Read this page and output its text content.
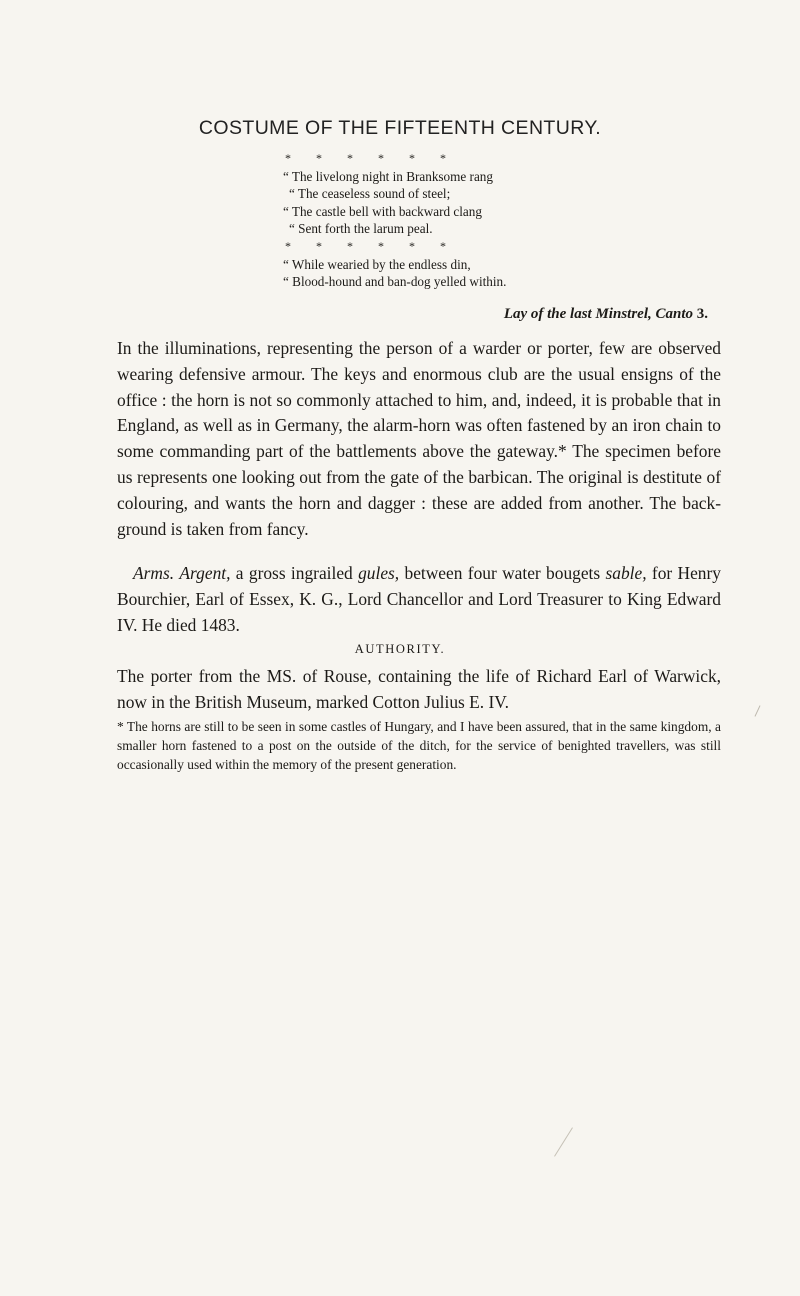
COSTUME OF THE FIFTEENTH CENTURY.
* * * * * *
“ The livelong night in Branksome rang
“ The ceaseless sound of steel;
“ The castle bell with backward clang
“ Sent forth the larum peal.
* * * * * *
“ While wearied by the endless din,
“ Blood-hound and ban-dog yelled within.
Lay of the last Minstrel, Canto 3.
In the illuminations, representing the person of a warder or porter, few are observed wearing defensive armour. The keys and enormous club are the usual ensigns of the office : the horn is not so commonly attached to him, and, indeed, it is probable that in England, as well as in Germany, the alarm-horn was often fastened by an iron chain to some commanding part of the battlements above the gateway.* The specimen before us represents one looking out from the gate of the barbican. The original is destitute of colouring, and wants the horn and dagger : these are added from another. The back-ground is taken from fancy.
Arms. Argent, a gross ingrailed gules, between four water bougets sable, for Henry Bourchier, Earl of Essex, K. G., Lord Chancellor and Lord Treasurer to King Edward IV. He died 1483.
AUTHORITY.
The porter from the MS. of Rouse, containing the life of Richard Earl of Warwick, now in the British Museum, marked Cotton Julius E. IV.
* The horns are still to be seen in some castles of Hungary, and I have been assured, that in the same kingdom, a smaller horn fastened to a post on the outside of the ditch, for the service of benighted travellers, was still occasionally used within the memory of the present generation.
